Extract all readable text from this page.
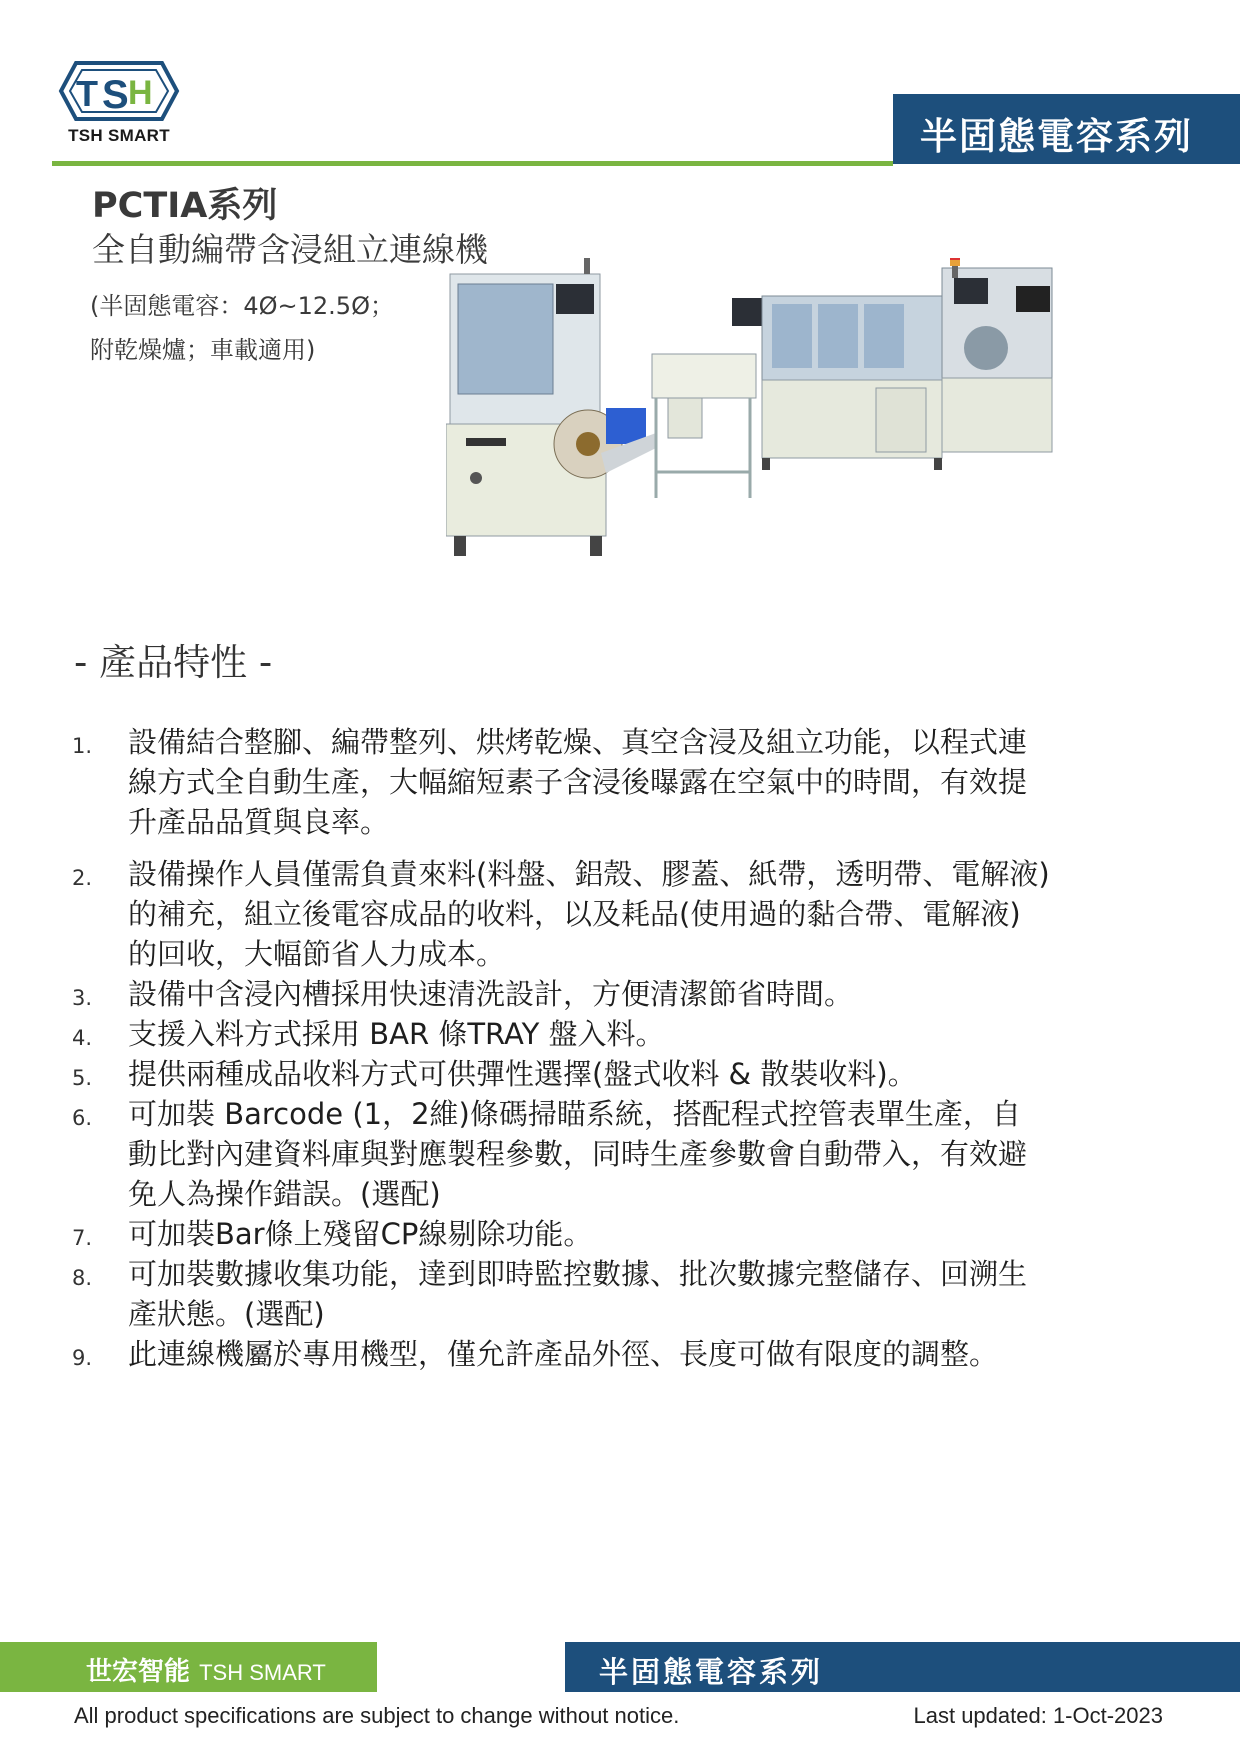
T S H
TSH SMART	半固態電容系列
PCTIA系列
全自動編帶含浸組立連線機
(半固態電容：4Ø~12.5Ø；
附乾燥爐；車載適用)
- 產品特性 -
1. 設備結合整腳、編帶整列、烘烤乾燥、真空含浸及組立功能，以程式連
線方式全自動生產，大幅縮短素子含浸後曝露在空氣中的時間，有效提
升產品品質與良率。
2. 設備操作人員僅需負責來料(料盤、鋁殼、膠蓋、紙帶，透明帶、電解液)
的補充，組立後電容成品的收料，以及耗品(使用過的黏合帶、電解液)
的回收，大幅節省人力成本。
3. 設備中含浸內槽採用快速清洗設計，方便清潔節省時間。
4. 支援入料方式採用 BAR 條TRAY 盤入料。
5. 提供兩種成品收料方式可供彈性選擇(盤式收料 & 散裝收料)。
6. 可加裝 Barcode (1，2維)條碼掃瞄系統，搭配程式控管表單生產，自
動比對內建資料庫與對應製程參數，同時生產參數會自動帶入，有效避
免人為操作錯誤。(選配)
7. 可加裝Bar條上殘留CP線剔除功能。
8. 可加裝數據收集功能，達到即時監控數據、批次數據完整儲存、回溯生
產狀態。(選配)
9. 此連線機屬於專用機型，僅允許產品外徑、長度可做有限度的調整。
世宏智能 TSH SMART	半固態電容系列
All product specifications are subject to change without notice.	Last updated: 1-Oct-2023
